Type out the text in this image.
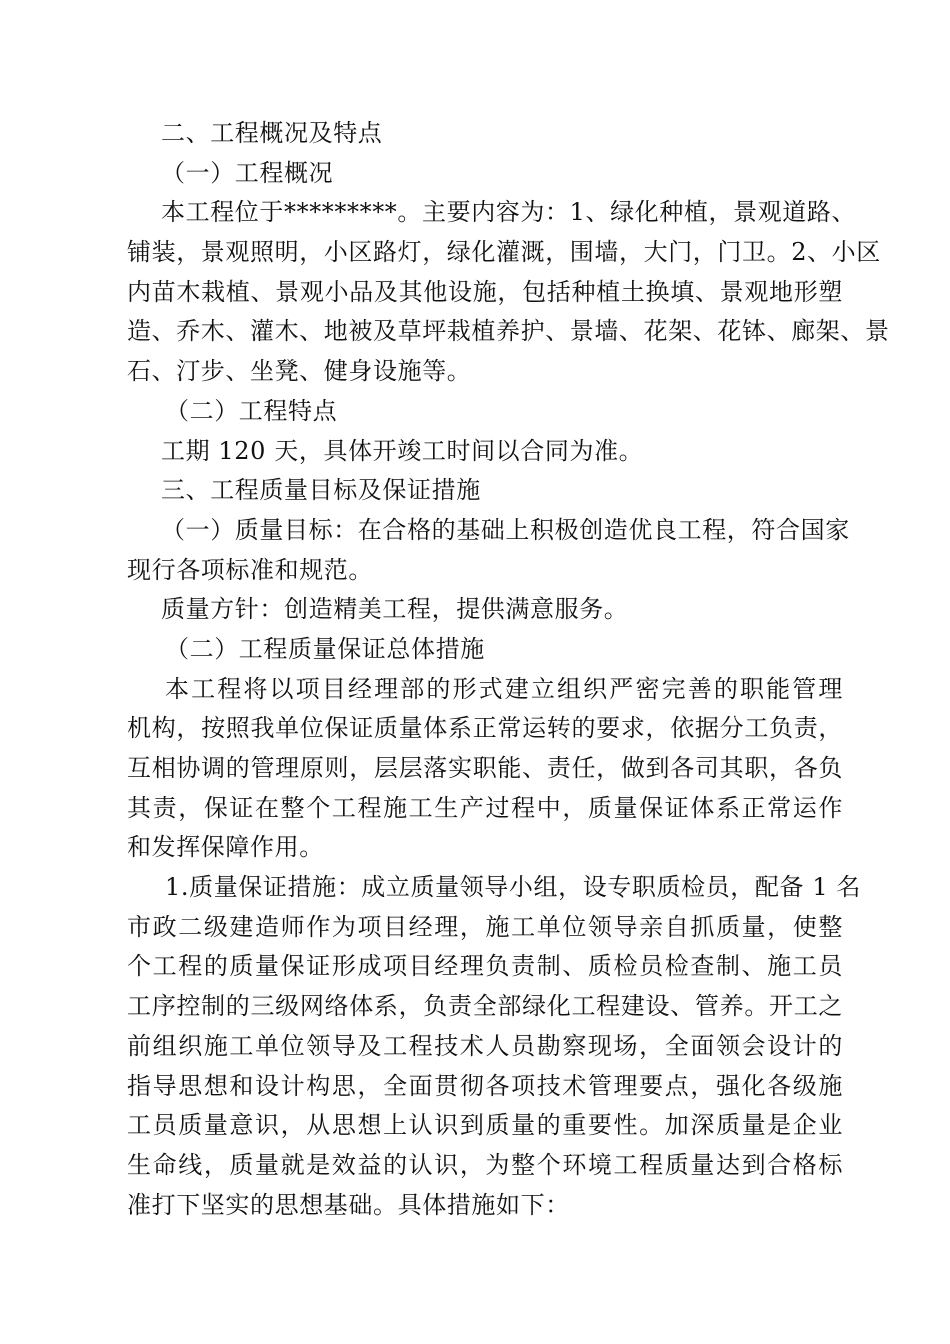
二、工程概况及特点
（一）工程概况
本工程位于*********。主要内容为：1、绿化种植，景观道路、
铺装，景观照明，小区路灯，绿化灌溉，围墙，大门，门卫。2、小区
内苗木栽植、景观小品及其他设施，包括种植土换填、景观地形塑
造、乔木、灌木、地被及草坪栽植养护、景墙、花架、花钵、廊架、景
石、汀步、坐凳、健身设施等。
（二）工程特点
工期 120 天，具体开竣工时间以合同为准。
三、工程质量目标及保证措施
（一）质量目标：在合格的基础上积极创造优良工程，符合国家
现行各项标准和规范。
质量方针：创造精美工程，提供满意服务。
（二）工程质量保证总体措施
本工程将以项目经理部的形式建立组织严密完善的职能管理
机构，按照我单位保证质量体系正常运转的要求，依据分工负责，
互相协调的管理原则，层层落实职能、责任，做到各司其职，各负
其责，保证在整个工程施工生产过程中，质量保证体系正常运作
和发挥保障作用。
1.质量保证措施：成立质量领导小组，设专职质检员，配备 1 名
市政二级建造师作为项目经理，施工单位领导亲自抓质量，使整
个工程的质量保证形成项目经理负责制、质检员检查制、施工员
工序控制的三级网络体系，负责全部绿化工程建设、管养。开工之
前组织施工单位领导及工程技术人员勘察现场，全面领会设计的
指导思想和设计构思，全面贯彻各项技术管理要点，强化各级施
工员质量意识，从思想上认识到质量的重要性。加深质量是企业
生命线，质量就是效益的认识，为整个环境工程质量达到合格标
准打下坚实的思想基础。具体措施如下：
